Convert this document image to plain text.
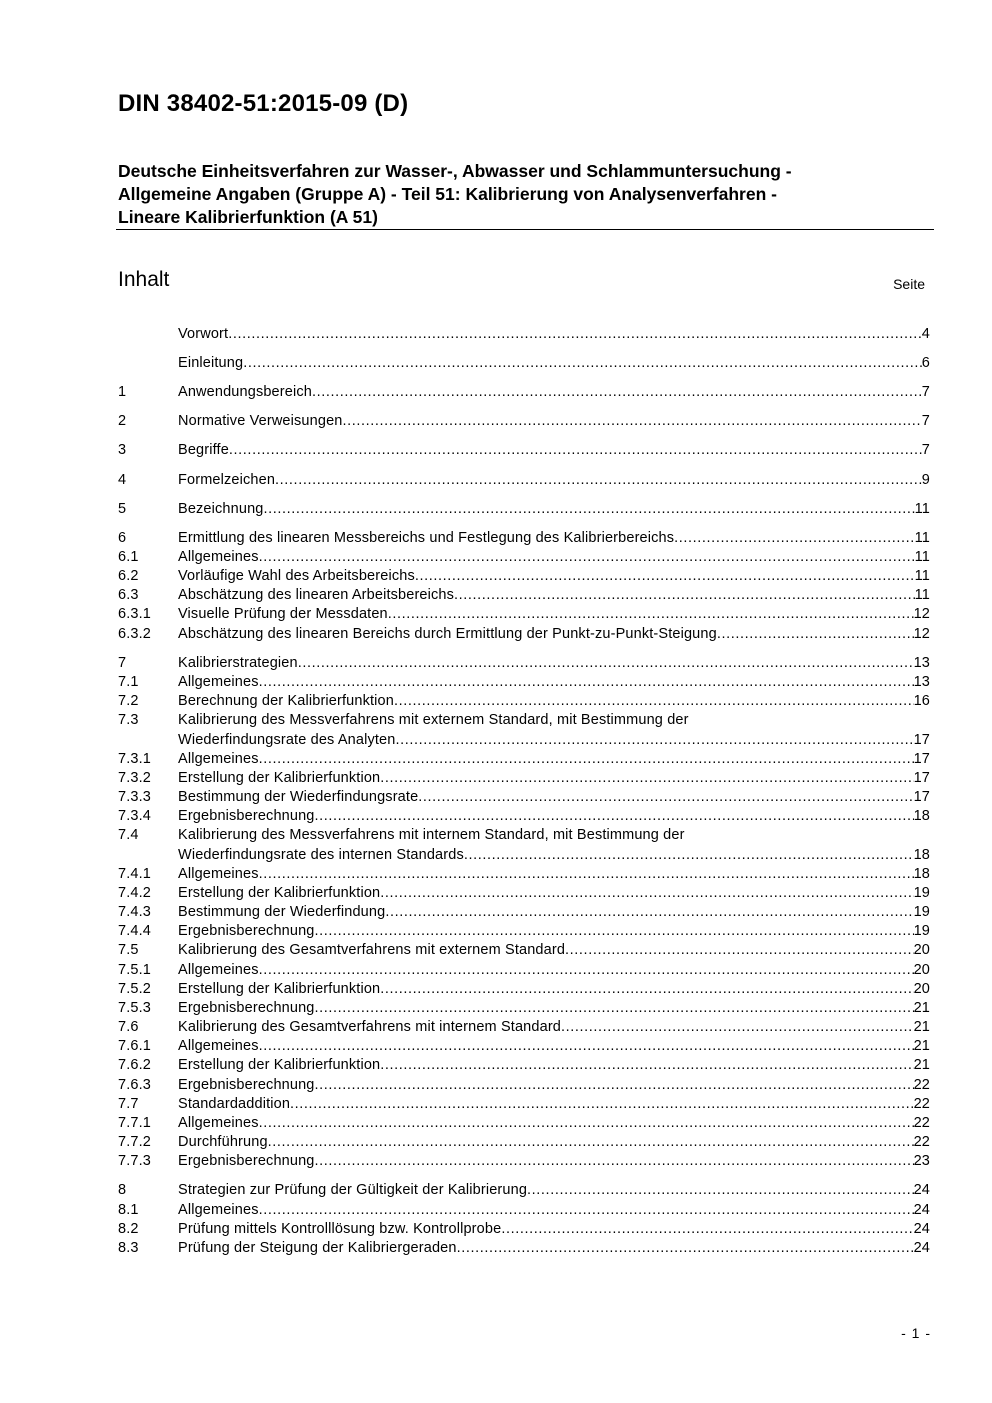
DIN 38402-51:2015-09 (D)
Deutsche Einheitsverfahren zur Wasser-, Abwasser und Schlammuntersuchung -
Allgemeine Angaben (Gruppe A) - Teil 51: Kalibrierung von Analysenverfahren -
Lineare Kalibrierfunktion (A 51)
Inhalt	Seite
Vorwort .....	4
Einleitung .....	6
1	Anwendungsbereich .....	7
2	Normative Verweisungen .....	7
3	Begriffe .....	7
4	Formelzeichen .....	9
5	Bezeichnung .....	11
6	Ermittlung des linearen Messbereichs und Festlegung des Kalibrierbereichs .....	11
6.1	Allgemeines .....	11
6.2	Vorläufige Wahl des Arbeitsbereichs .....	11
6.3	Abschätzung des linearen Arbeitsbereichs .....	11
6.3.1	Visuelle Prüfung der Messdaten .....	12
6.3.2	Abschätzung des linearen Bereichs durch Ermittlung der Punkt-zu-Punkt-Steigung .....	12
7	Kalibrierstrategien .....	13
7.1	Allgemeines .....	13
7.2	Berechnung der Kalibrierfunktion .....	16
7.3	Kalibrierung des Messverfahrens mit externem Standard, mit Bestimmung der
Wiederfindungsrate des Analyten .....	17
7.3.1	Allgemeines .....	17
7.3.2	Erstellung der Kalibrierfunktion .....	17
7.3.3	Bestimmung der Wiederfindungsrate .....	17
7.3.4	Ergebnisberechnung .....	18
7.4	Kalibrierung des Messverfahrens mit internem Standard, mit Bestimmung der
Wiederfindungsrate des internen Standards .....	18
7.4.1	Allgemeines .....	18
7.4.2	Erstellung der Kalibrierfunktion .....	19
7.4.3	Bestimmung der Wiederfindung .....	19
7.4.4	Ergebnisberechnung .....	19
7.5	Kalibrierung des Gesamtverfahrens mit externem Standard .....	20
7.5.1	Allgemeines .....	20
7.5.2	Erstellung der Kalibrierfunktion .....	20
7.5.3	Ergebnisberechnung .....	21
7.6	Kalibrierung des Gesamtverfahrens mit internem Standard .....	21
7.6.1	Allgemeines .....	21
7.6.2	Erstellung der Kalibrierfunktion .....	21
7.6.3	Ergebnisberechnung .....	22
7.7	Standardaddition .....	22
7.7.1	Allgemeines .....	22
7.7.2	Durchführung .....	22
7.7.3	Ergebnisberechnung .....	23
8	Strategien zur Prüfung der Gültigkeit der Kalibrierung .....	24
8.1	Allgemeines .....	24
8.2	Prüfung mittels Kontrolllösung bzw. Kontrollprobe .....	24
8.3	Prüfung der Steigung der Kalibriergeraden .....	24
- 1 -
